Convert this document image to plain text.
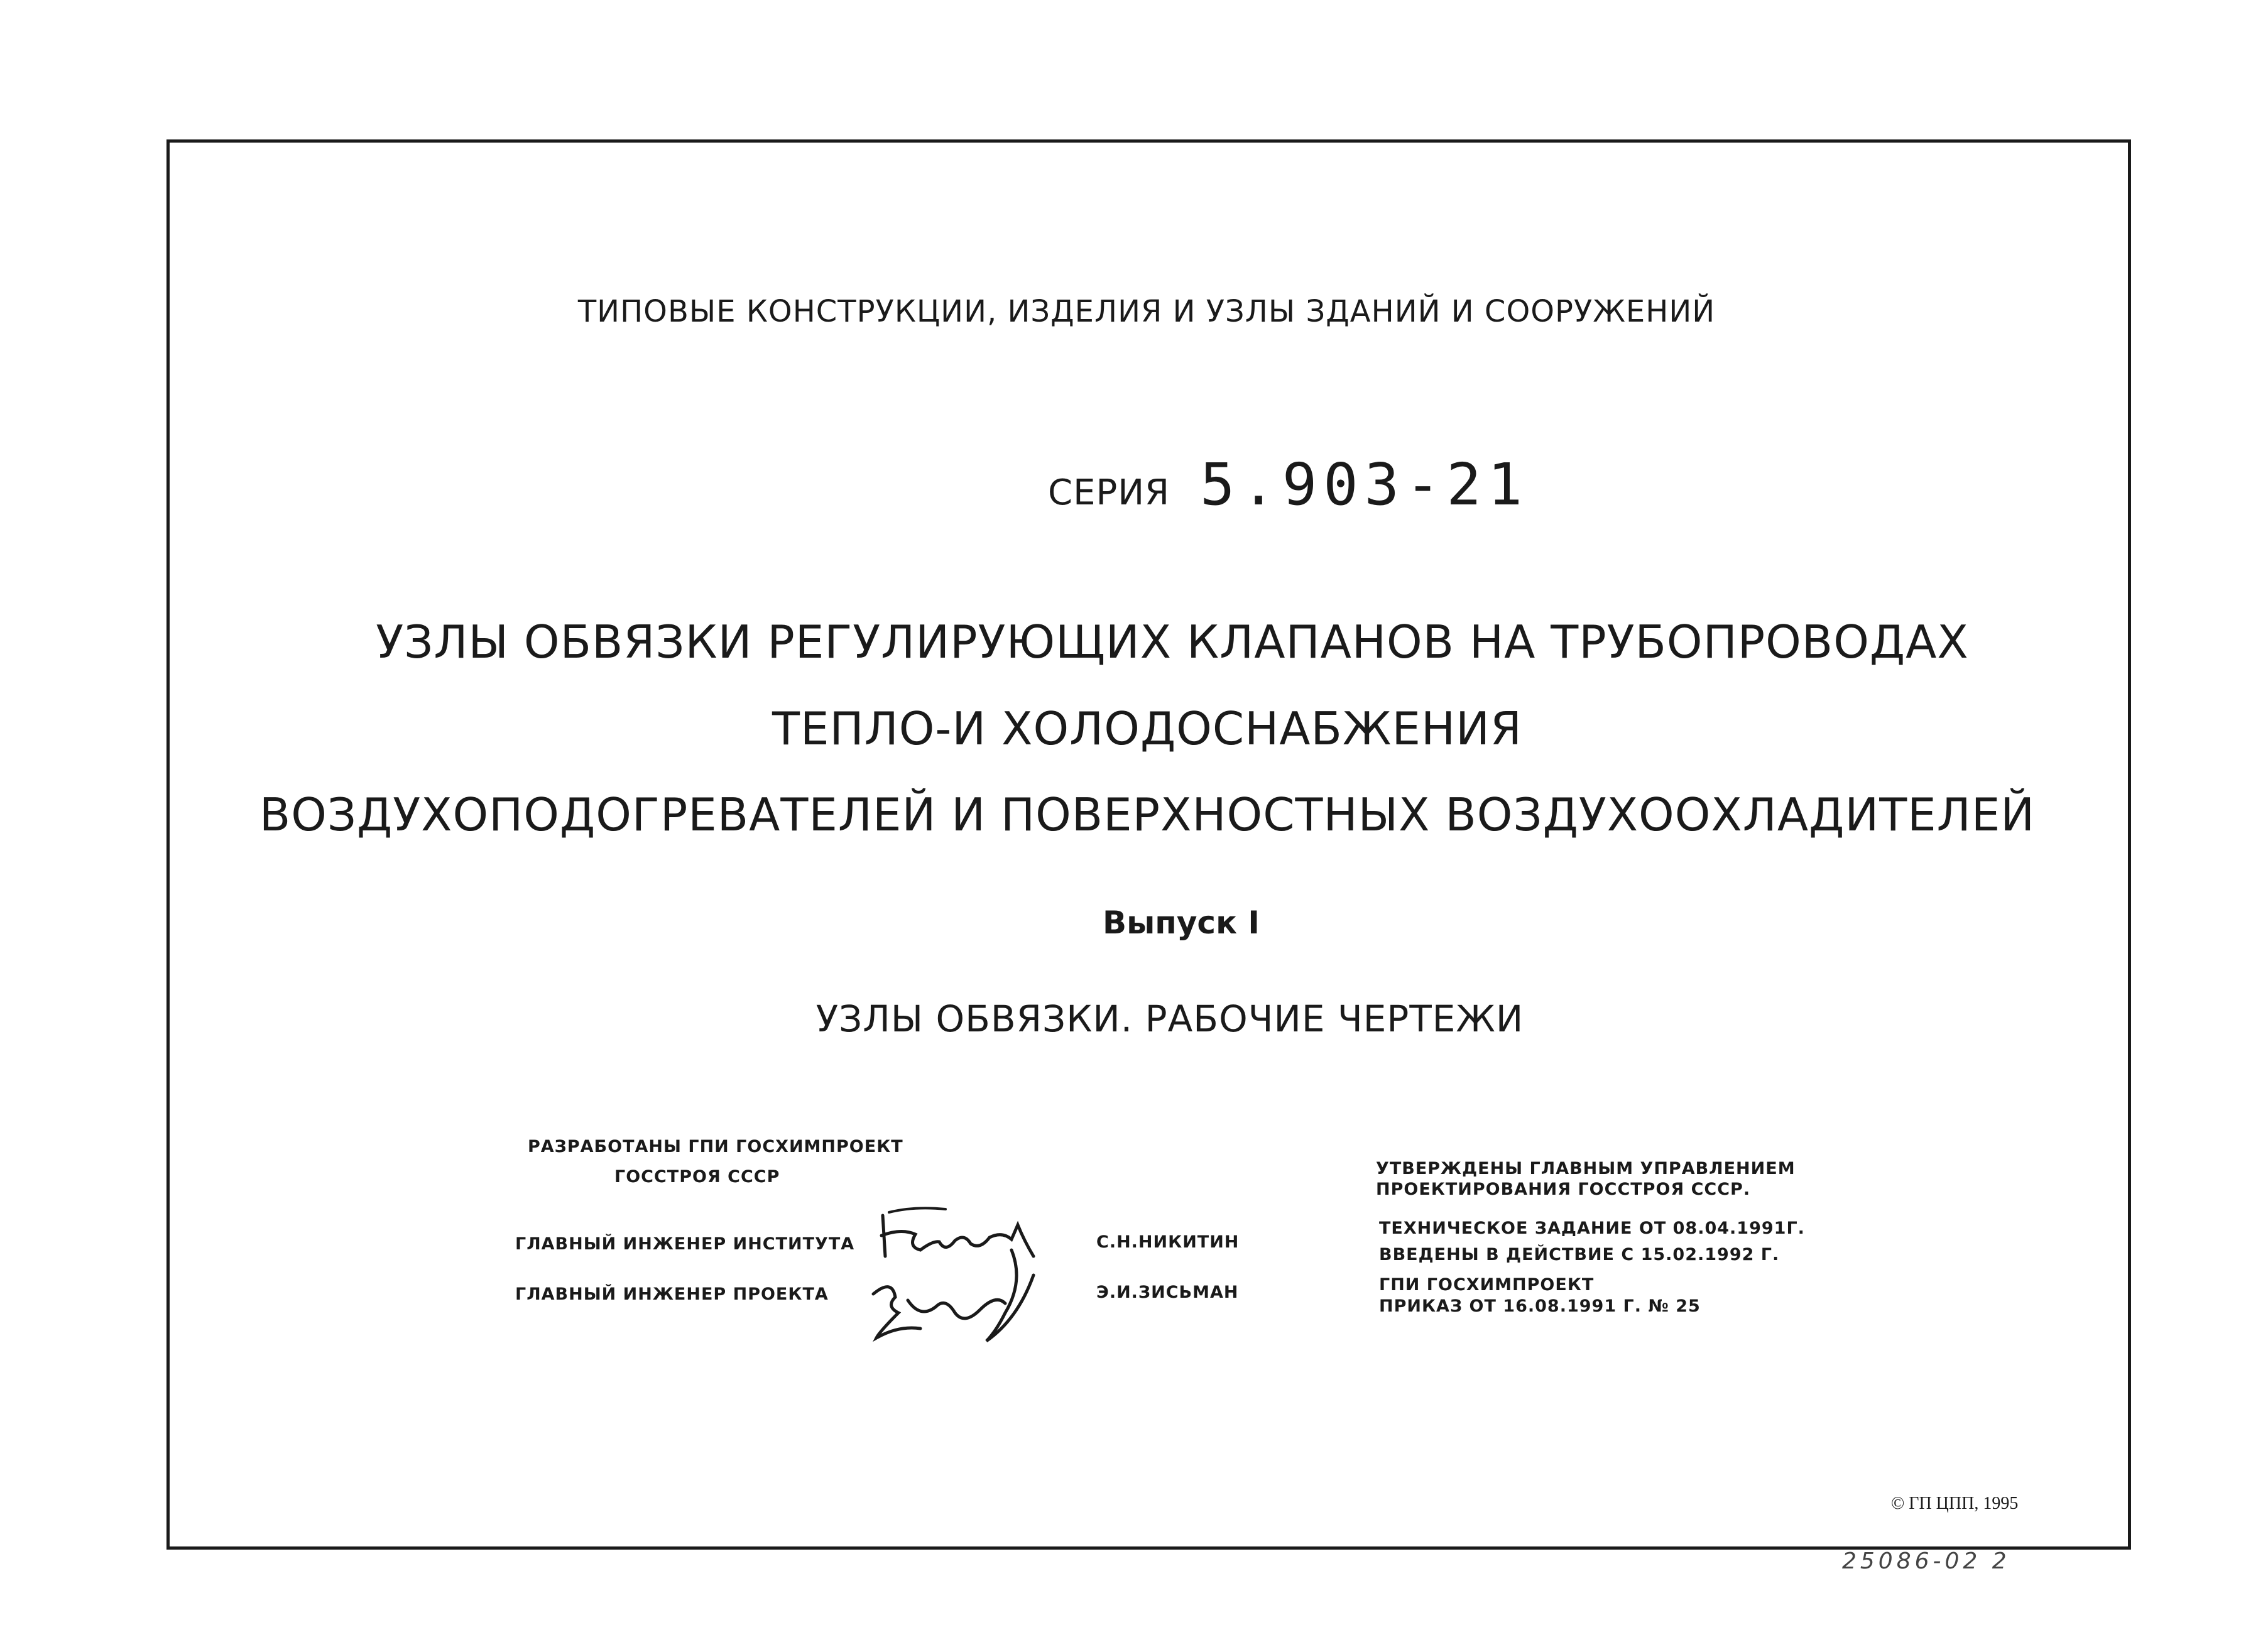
ТИПОВЫЕ КОНСТРУКЦИИ, ИЗДЕЛИЯ И УЗЛЫ ЗДАНИЙ И СООРУЖЕНИЙ
СЕРИЯ 5.903-21
УЗЛЫ ОБВЯЗКИ РЕГУЛИРУЮЩИХ КЛАПАНОВ НА ТРУБОПРОВОДАХ
ТЕПЛО-И ХОЛОДОСНАБЖЕНИЯ
ВОЗДУХОПОДОГРЕВАТЕЛЕЙ И ПОВЕРХНОСТНЫХ ВОЗДУХООХЛАДИТЕЛЕЙ
Выпуск I
УЗЛЫ ОБВЯЗКИ. РАБОЧИЕ ЧЕРТЕЖИ
РАЗРАБОТАНЫ ГПИ ГОСХИМПРОЕКТ
ГОССТРОЯ СССР
ГЛАВНЫЙ ИНЖЕНЕР ИНСТИТУТА
ГЛАВНЫЙ ИНЖЕНЕР ПРОЕКТА
С.Н.НИКИТИН
Э.И.ЗИСЬМАН
УТВЕРЖДЕНЫ ГЛАВНЫМ УПРАВЛЕНИЕМ
ПРОЕКТИРОВАНИЯ ГОССТРОЯ СССР.
ТЕХНИЧЕСКОЕ ЗАДАНИЕ ОТ 08.04.1991Г.
ВВЕДЕНЫ В ДЕЙСТВИЕ С 15.02.1992 Г.
ГПИ ГОСХИМПРОЕКТ
ПРИКАЗ ОТ 16.08.1991 Г. № 25
© ГП ЦПП, 1995
25086-02 2
